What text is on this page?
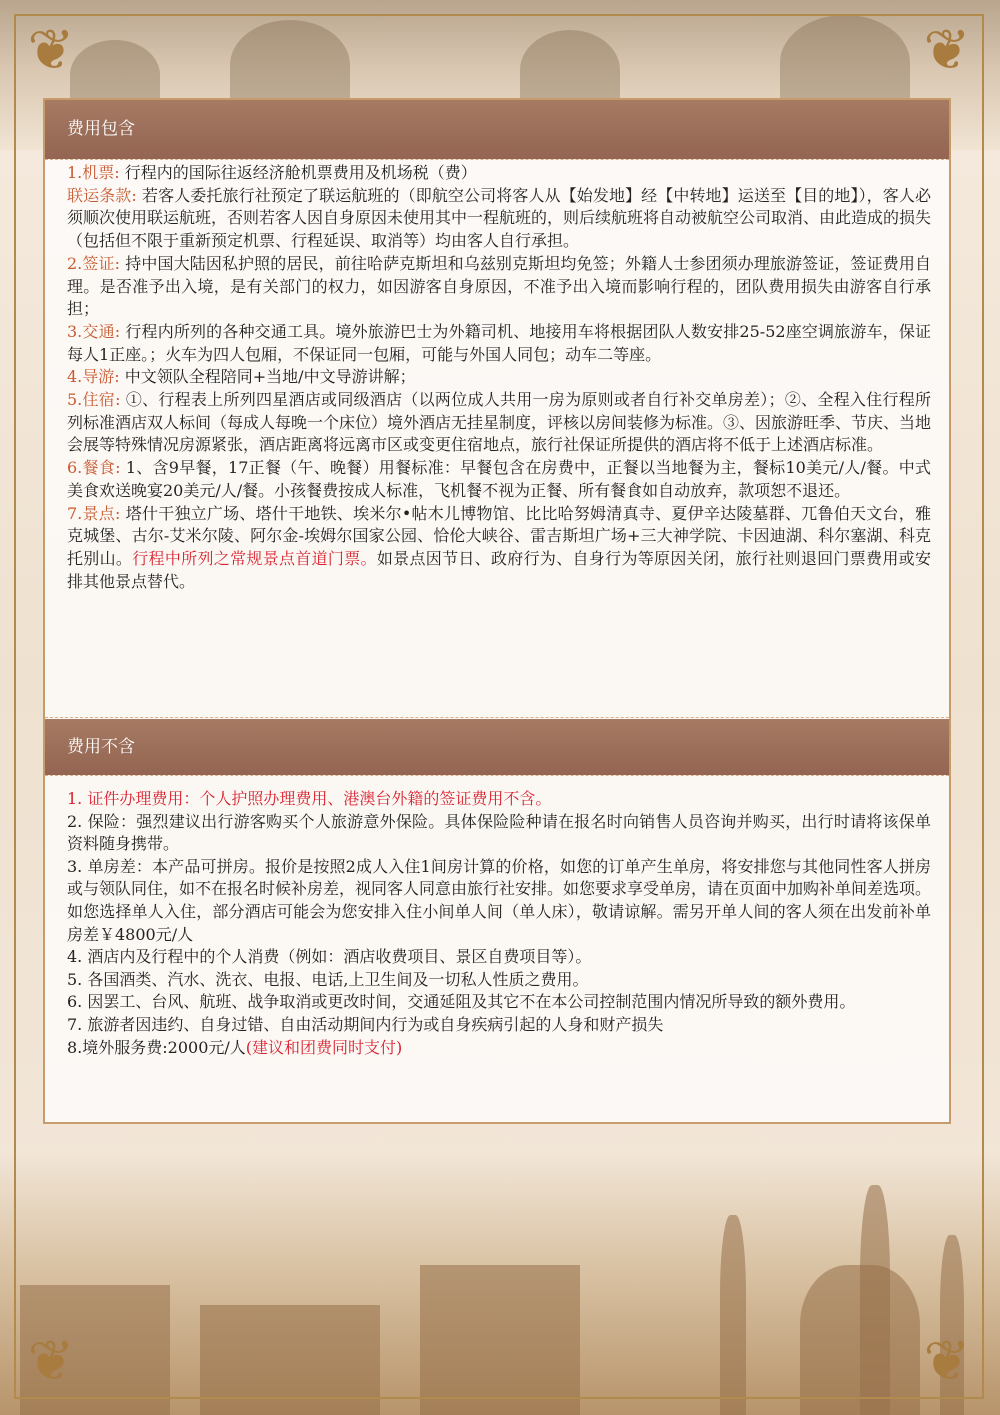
❦	❦
❦	❦
费用包含

1.机票: 行程内的国际往返经济舱机票费用及机场税（费）

联运条款: 若客人委托旅行社预定了联运航班的（即航空公司将客人从【始发地】经【中转地】运送至【目的地】），客人必须顺次使用联运航班，否则若客人因自身原因未使用其中一程航班的，则后续航班将自动被航空公司取消、由此造成的损失（包括但不限于重新预定机票、行程延误、取消等）均由客人自行承担。

2.签证: 持中国大陆因私护照的居民，前往哈萨克斯坦和乌兹别克斯坦均免签；外籍人士参团须办理旅游签证，签证费用自理。是否准予出入境，是有关部门的权力，如因游客自身原因，不准予出入境而影响行程的，团队费用损失由游客自行承担；

3.交通: 行程内所列的各种交通工具。境外旅游巴士为外籍司机、地接用车将根据团队人数安排25-52座空调旅游车，保证每人1正座。；火车为四人包厢，不保证同一包厢，可能与外国人同包；动车二等座。

4.导游: 中文领队全程陪同+当地/中文导游讲解；

5.住宿: ①、行程表上所列四星酒店或同级酒店（以两位成人共用一房为原则或者自行补交单房差）；②、全程入住行程所列标准酒店双人标间（每成人每晚一个床位）境外酒店无挂星制度，评核以房间装修为标准。③、因旅游旺季、节庆、当地会展等特殊情况房源紧张，酒店距离将远离市区或变更住宿地点，旅行社保证所提供的酒店将不低于上述酒店标准。

6.餐食: 1、含9早餐，17正餐（午、晚餐）用餐标准：早餐包含在房费中，正餐以当地餐为主，餐标10美元/人/餐。中式美食欢送晚宴20美元/人/餐。小孩餐费按成人标准，飞机餐不视为正餐、所有餐食如自动放弃，款项恕不退还。

7.景点: 塔什干独立广场、塔什干地铁、埃米尔•帖木儿博物馆、比比哈努姆清真寺、夏伊辛达陵墓群、兀鲁伯天文台，雅克城堡、古尔-艾米尔陵、阿尔金-埃姆尔国家公园、恰伦大峡谷、雷吉斯坦广场+三大神学院、卡因迪湖、科尔塞湖、科克托别山。行程中所列之常规景点首道门票。如景点因节日、政府行为、自身行为等原因关闭，旅行社则退回门票费用或安排其他景点替代。

费用不含

1. 证件办理费用：个人护照办理费用、港澳台外籍的签证费用不含。

2. 保险：强烈建议出行游客购买个人旅游意外保险。具体保险险种请在报名时向销售人员咨询并购买，出行时请将该保单资料随身携带。

3. 单房差：本产品可拼房。报价是按照2成人入住1间房计算的价格，如您的订单产生单房，将安排您与其他同性客人拼房或与领队同住，如不在报名时候补房差，视同客人同意由旅行社安排。如您要求享受单房，请在页面中加购补单间差选项。如您选择单人入住，部分酒店可能会为您安排入住小间单人间（单人床），敬请谅解。需另开单人间的客人须在出发前补单房差￥4800元/人

4. 酒店内及行程中的个人消费（例如：酒店收费项目、景区自费项目等）。

5. 各国酒类、汽水、洗衣、电报、电话,上卫生间及一切私人性质之费用。

6. 因罢工、台风、航班、战争取消或更改时间，交通延阻及其它不在本公司控制范围内情况所导致的额外费用。

7. 旅游者因违约、自身过错、自由活动期间内行为或自身疾病引起的人身和财产损失

8.境外服务费:2000元/人(建议和团费同时支付)
